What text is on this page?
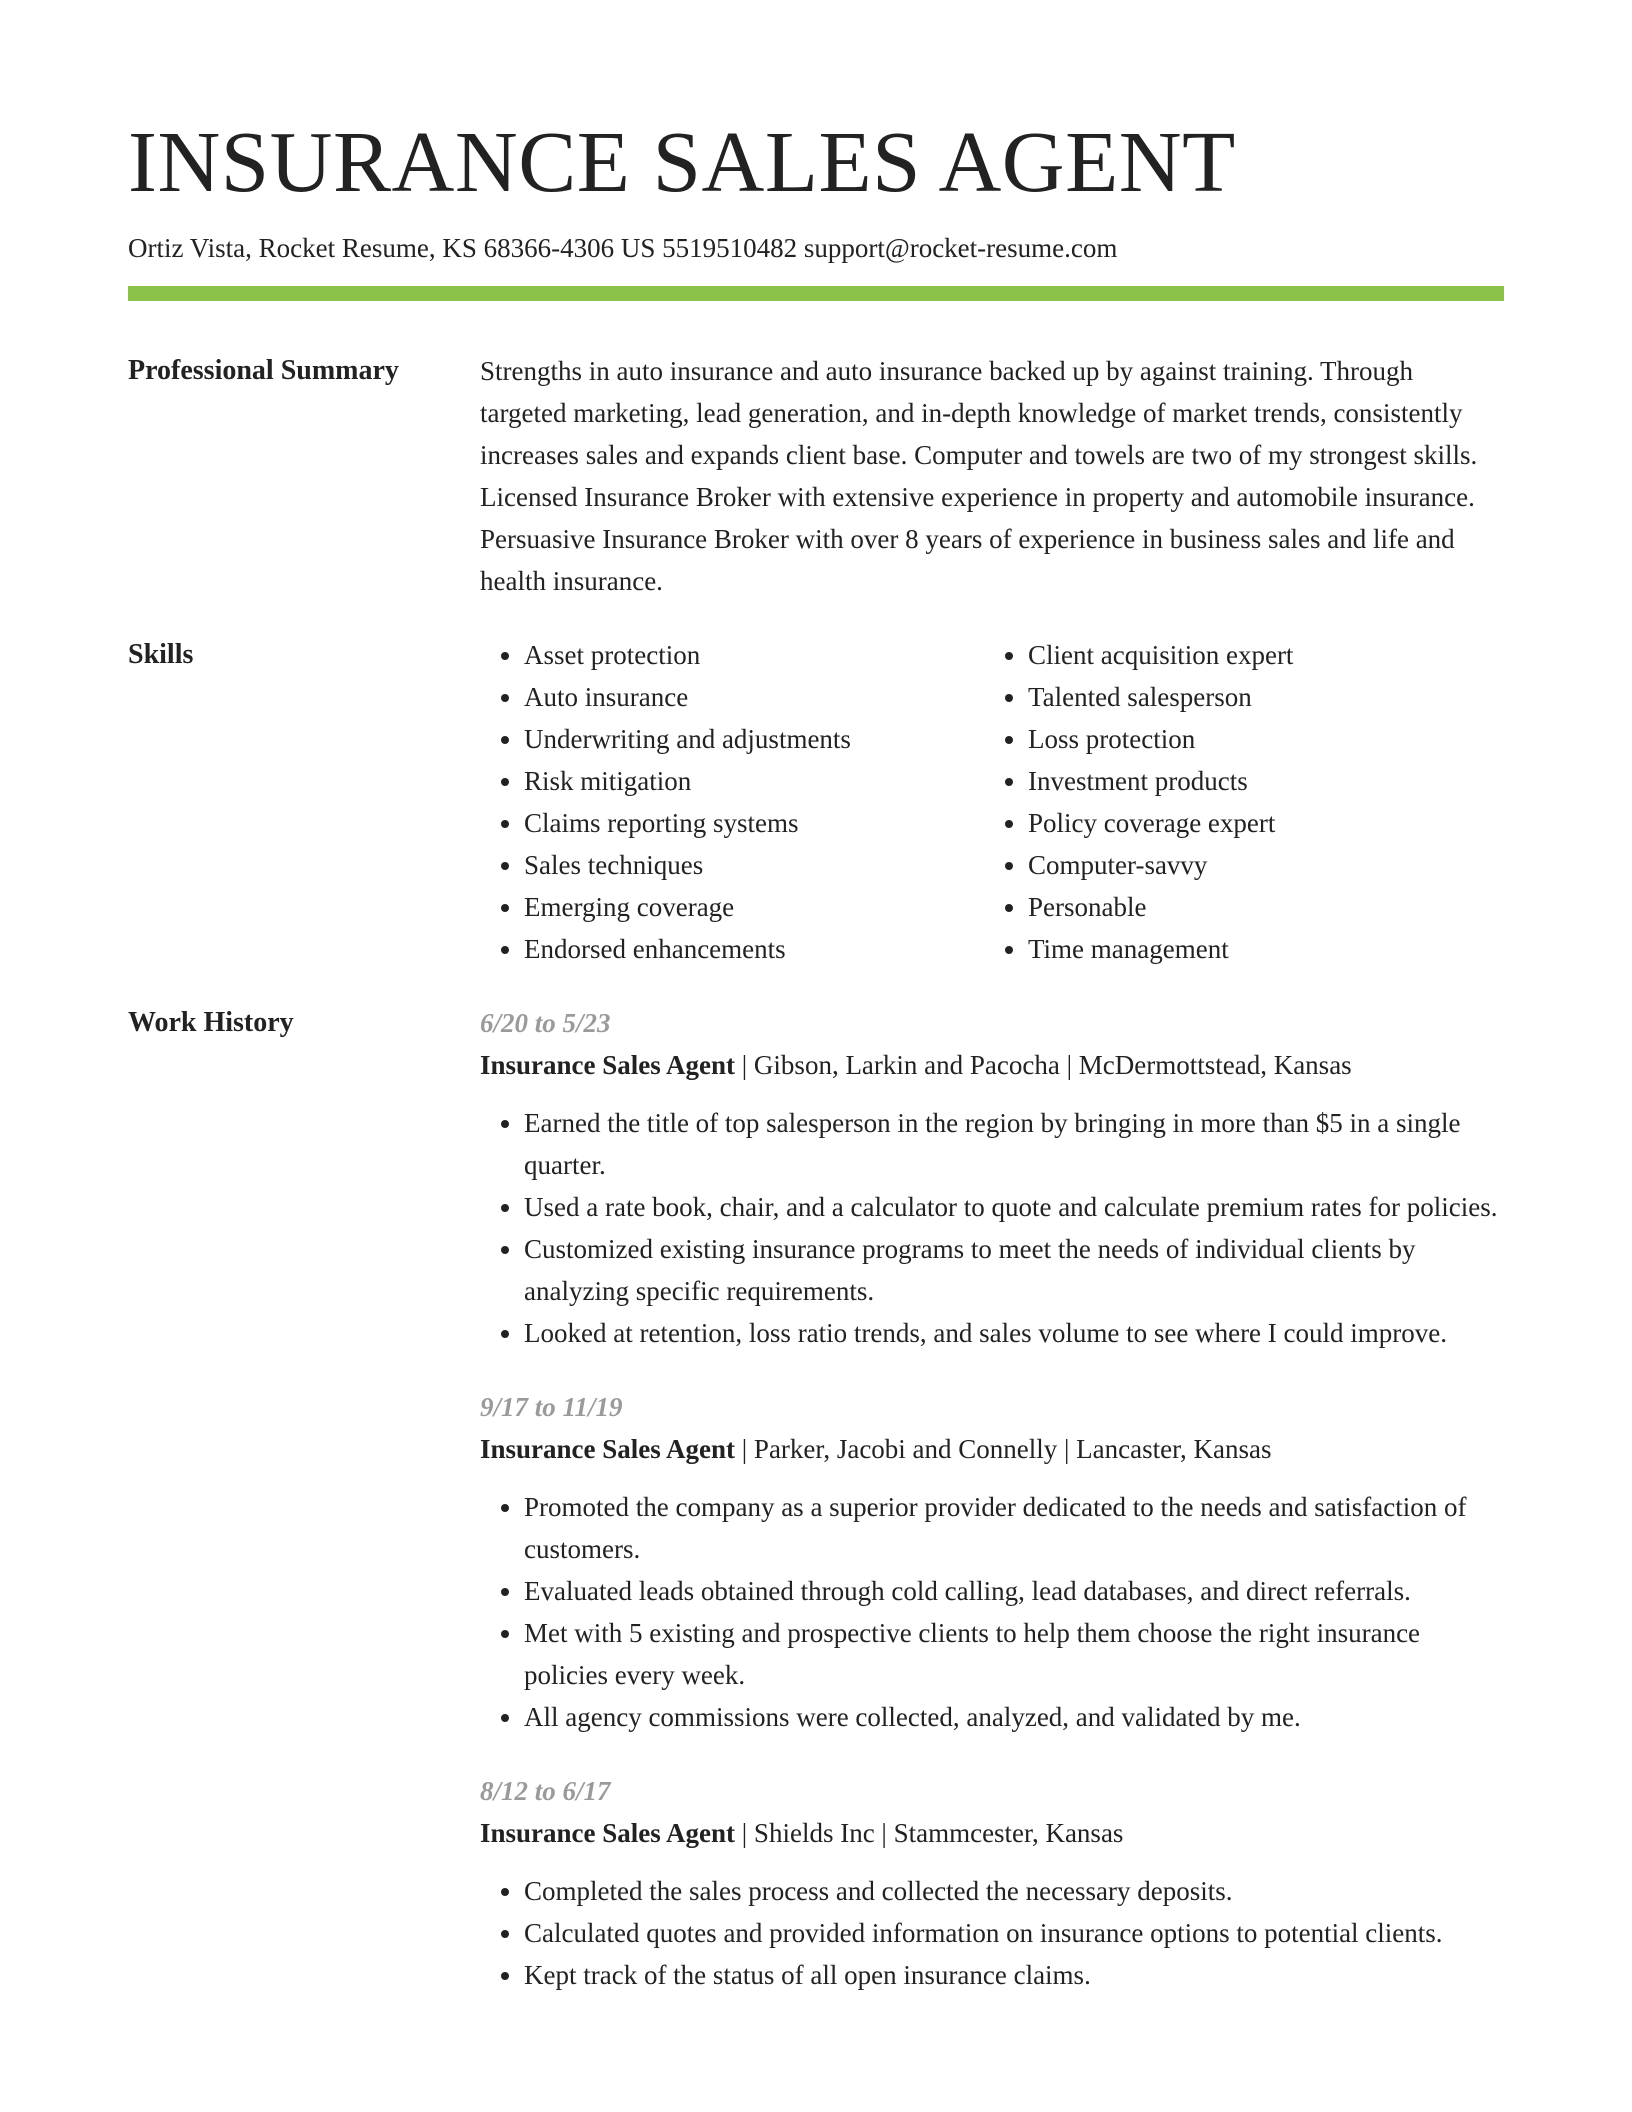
INSURANCE SALES AGENT
Ortiz Vista, Rocket Resume, KS 68366-4306 US 5519510482 support@rocket-resume.com
Professional Summary	Strengths in auto insurance and auto insurance backed up by against training. Through targeted marketing, lead generation, and in-depth knowledge of market trends, consistently increases sales and expands client base. Computer and towels are two of my strongest skills. Licensed Insurance Broker with extensive experience in property and automobile insurance. Persuasive Insurance Broker with over 8 years of experience in business sales and life and health insurance.

Skills
•	Asset protection
• Auto insurance
• Underwriting and adjustments
• Risk mitigation
• Claims reporting systems
• Sales techniques
• Emerging coverage
• Endorsed enhancements
• Client acquisition expert
• Talented salesperson
• Loss protection
• Investment products
• Policy coverage expert
• Computer-savvy
• Personable
• Time management
Work History	6/20 to 5/23
Insurance Sales Agent | Gibson, Larkin and Pacocha | McDermottstead, Kansas
• Earned the title of top salesperson in the region by bringing in more than $5 in a single quarter.
• Used a rate book, chair, and a calculator to quote and calculate premium rates for policies.
• Customized existing insurance programs to meet the needs of individual clients by analyzing specific requirements.
• Looked at retention, loss ratio trends, and sales volume to see where I could improve.
9/17 to 11/19
Insurance Sales Agent | Parker, Jacobi and Connelly | Lancaster, Kansas
• Promoted the company as a superior provider dedicated to the needs and satisfaction of customers.
• Evaluated leads obtained through cold calling, lead databases, and direct referrals.
• Met with 5 existing and prospective clients to help them choose the right insurance policies every week.
• All agency commissions were collected, analyzed, and validated by me.
8/12 to 6/17
Insurance Sales Agent | Shields Inc | Stammcester, Kansas
• Completed the sales process and collected the necessary deposits.
• Calculated quotes and provided information on insurance options to potential clients.
• Kept track of the status of all open insurance claims.
